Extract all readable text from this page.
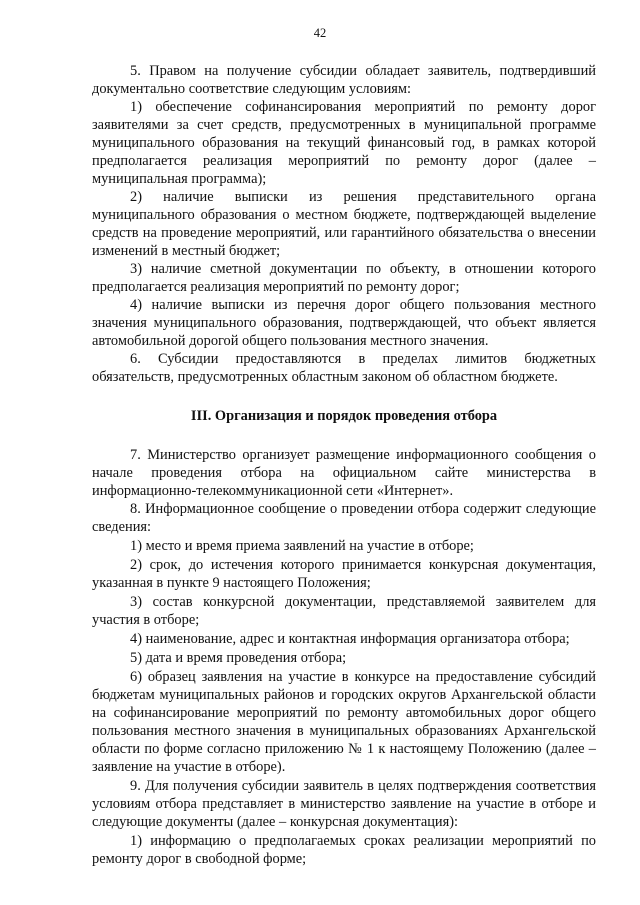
42

5. Правом на получение субсидии обладает заявитель, подтвердивший документально соответствие следующим условиям:

1) обеспечение софинансирования мероприятий по ремонту дорог заявителями за счет средств, предусмотренных в муниципальной программе муниципального образования на текущий финансовый год, в рамках которой предполагается реализация мероприятий по ремонту дорог (далее – муниципальная программа);

2) наличие выписки из решения представительного органа муниципального образования о местном бюджете, подтверждающей выделение средств на проведение мероприятий, или гарантийного обязательства о внесении изменений в местный бюджет;

3) наличие сметной документации по объекту, в отношении которого предполагается реализация мероприятий по ремонту дорог;

4) наличие выписки из перечня дорог общего пользования местного значения муниципального образования, подтверждающей, что объект является автомобильной дорогой общего пользования местного значения.

6. Субсидии предоставляются в пределах лимитов бюджетных обязательств, предусмотренных областным законом об областном бюджете.

III. Организация и порядок проведения отбора

7. Министерство организует размещение информационного сообщения о начале проведения отбора на официальном сайте министерства в информационно-телекоммуникационной сети «Интернет».

8. Информационное сообщение о проведении отбора содержит следующие сведения:

1) место и время приема заявлений на участие в отборе;

2) срок, до истечения которого принимается конкурсная документация, указанная в пункте 9 настоящего Положения;

3) состав конкурсной документации, представляемой заявителем для участия в отборе;

4) наименование, адрес и контактная информация организатора отбора;

5) дата и время проведения отбора;

6) образец заявления на участие в конкурсе на предоставление субсидий бюджетам муниципальных районов и городских округов Архангельской области на софинансирование мероприятий по ремонту автомобильных дорог общего пользования местного значения в муниципальных образованиях Архангельской области по форме согласно приложению № 1 к настоящему Положению (далее – заявление на участие в отборе).

9. Для получения субсидии заявитель в целях подтверждения соответствия условиям отбора представляет в министерство заявление на участие в отборе и следующие документы (далее – конкурсная документация):

1) информацию о предполагаемых сроках реализации мероприятий по ремонту дорог в свободной форме;
